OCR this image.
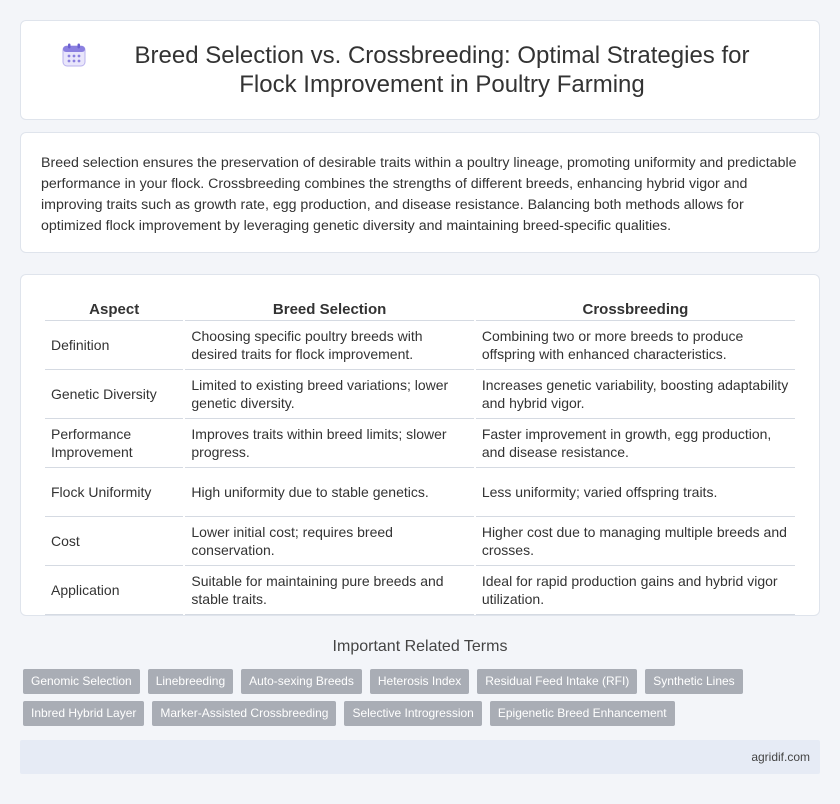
Breed Selection vs. Crossbreeding: Optimal Strategies for Flock Improvement in Poultry Farming

Breed selection ensures the preservation of desirable traits within a poultry lineage, promoting uniformity and predictable performance in your flock. Crossbreeding combines the strengths of different breeds, enhancing hybrid vigor and improving traits such as growth rate, egg production, and disease resistance. Balancing both methods allows for optimized flock improvement by leveraging genetic diversity and maintaining breed-specific qualities.

Aspect	Breed Selection	Crossbreeding
Definition	Choosing specific poultry breeds with desired traits for flock improvement.	Combining two or more breeds to produce offspring with enhanced characteristics.
Genetic Diversity	Limited to existing breed variations; lower genetic diversity.	Increases genetic variability, boosting adaptability and hybrid vigor.
Performance Improvement	Improves traits within breed limits; slower progress.	Faster improvement in growth, egg production, and disease resistance.
Flock Uniformity	High uniformity due to stable genetics.	Less uniformity; varied offspring traits.
Cost	Lower initial cost; requires breed conservation.	Higher cost due to managing multiple breeds and crosses.
Application	Suitable for maintaining pure breeds and stable traits.	Ideal for rapid production gains and hybrid vigor utilization.
Important Related Terms
Genomic Selection	Linebreeding	Auto-sexing Breeds	Heterosis Index	Residual Feed Intake (RFI)	Synthetic Lines
Inbred Hybrid Layer	Marker-Assisted Crossbreeding	Selective Introgression	Epigenetic Breed Enhancement
agridif.com
